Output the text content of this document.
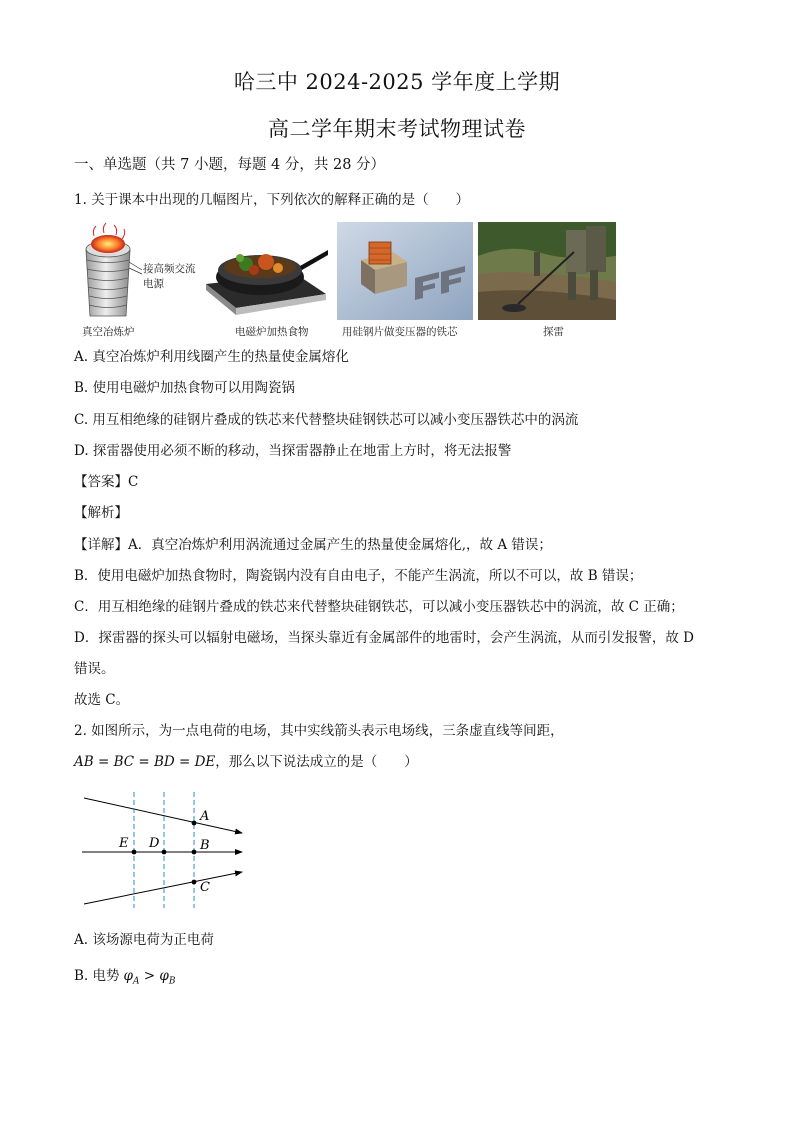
哈三中 2024-2025 学年度上学期
高二学年期末考试物理试卷
一、单选题（共 7 小题，每题 4 分，共 28 分）
1. 关于课本中出现的几幅图片，下列依次的解释正确的是（　　）
接高频交流电源
真空冶炼炉	电磁炉加热食物	用硅钢片做变压器的铁芯	探雷
A. 真空冶炼炉利用线圈产生的热量使金属熔化
B. 使用电磁炉加热食物可以用陶瓷锅
C. 用互相绝缘的硅钢片叠成的铁芯来代替整块硅钢铁芯可以减小变压器铁芯中的涡流
D. 探雷器使用必须不断的移动，当探雷器静止在地雷上方时，将无法报警
【答案】C
【解析】
【详解】A．真空冶炼炉利用涡流通过金属产生的热量使金属熔化,，故 A 错误；
B．使用电磁炉加热食物时，陶瓷锅内没有自由电子，不能产生涡流，所以不可以，故 B 错误；
C．用互相绝缘的硅钢片叠成的铁芯来代替整块硅钢铁芯，可以减小变压器铁芯中的涡流，故 C 正确；
D．探雷器的探头可以辐射电磁场，当探头靠近有金属部件的地雷时，会产生涡流，从而引发报警，故 D
错误。
故选 C。
2. 如图所示，为一点电荷的电场，其中实线箭头表示电场线，三条虚直线等间距，
AB = BC = BD = DE，那么以下说法成立的是（　　）
A
E D	B
C
A. 该场源电荷为正电荷
B. 电势 $\varphi_A > \varphi_B$
